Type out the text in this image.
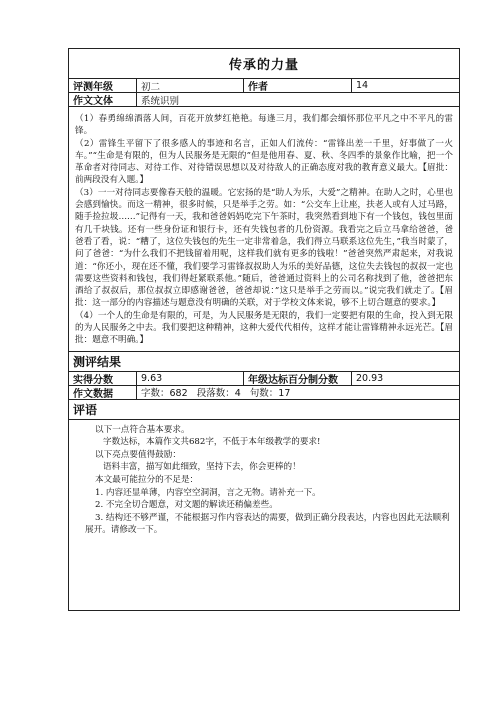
传承的力量
评测年级	初二	作者	14
作文文体	系统识别

（1）春勇绵绵酒落人间，百花开放梦红艳艳。每逢三月，我们都会缅怀那位平凡之中不平凡的雷锋。

（2）雷锋生平留下了很多感人的事迹和名言，正如人们流传：“雷锋出差一千里，好事做了一火车。”“生命是有限的，但为人民服务是无限的”但是他用春、夏、秋、冬四季的景象作比喻，把一个革命者对待同志、对待工作、对待错误思想以及对待敌人的正确态度对我的教育意义最大。【眉批：前两段没有入题。】

（3）一一对待同志要像春天般的温暖。它宏扬的是“助人为乐，大爱”之精神。在助人之时，心里也会感到愉快。而这一精神，很多时候，只是举手之劳。如：“公交车上让座，扶老人或有人过马路，随手捡拉圾……”记得有一天，我和爸爸妈妈吃完下午茶时，我突然看到地下有一个钱包，钱包里面有几千块钱。还有一些身份证和银行卡，还有失钱包者的几份资源。我看完之后立马拿给爸爸，爸爸看了看，说：“糟了，这位失钱包的先生一定非常着急，我们得立马联系这位先生，”我当时蒙了，问了爸爸：“为什么我们不把钱留着用呢，这样我们就有更多的钱啦！”爸爸突然严肃起来，对我说道：“你还小，现在还不懂，我们要学习雷锋叔叔助人为乐的美好品德，这位失去钱包的叔叔一定也需要这些资料和钱包，我们得赶紧联系他。”随后，爸爸通过资料上的公司名称找到了他，爸爸把东酒给了叔叔后，那位叔叔立即感谢爸爸，爸爸却说：”这只是举手之劳而以。”说完我们就走了。【眉批：这一部分的内容描述与题意没有明确的关联，对于学校文体来说，够不上切合题意的要求。】

（4）一个人的生命是有限的，可是，为人民服务是无限的，我们一定要把有限的生命，投入到无限的为人民服务之中去。我们要把这种精神，这种大爱代代相传，这样才能让雷锋精神永远光芒。【眉批：题意不明确。】

测评结果
实得分数	9.63	年级达标百分制分数	20.93
作文数据	字数：682   段落数：4   句数：17
评语
以下一点符合基本要求。
字数达标，本篇作文共682字，不低于本年级教学的要求!
以下亮点要值得鼓励：
语料丰富，描写如此细致，坚持下去，你会更棒的！
本文最可能拉分的不足是：
1. 内容还显单薄，内容空空洞洞，言之无物。请补充一下。
2. 不完全切合题意，对文题的解读还稍偏差些。
3. 结构还不够严谨，不能根据习作内容表达的需要，做到正确分段表达，内容也因此无法顺利展开。请修改一下。
